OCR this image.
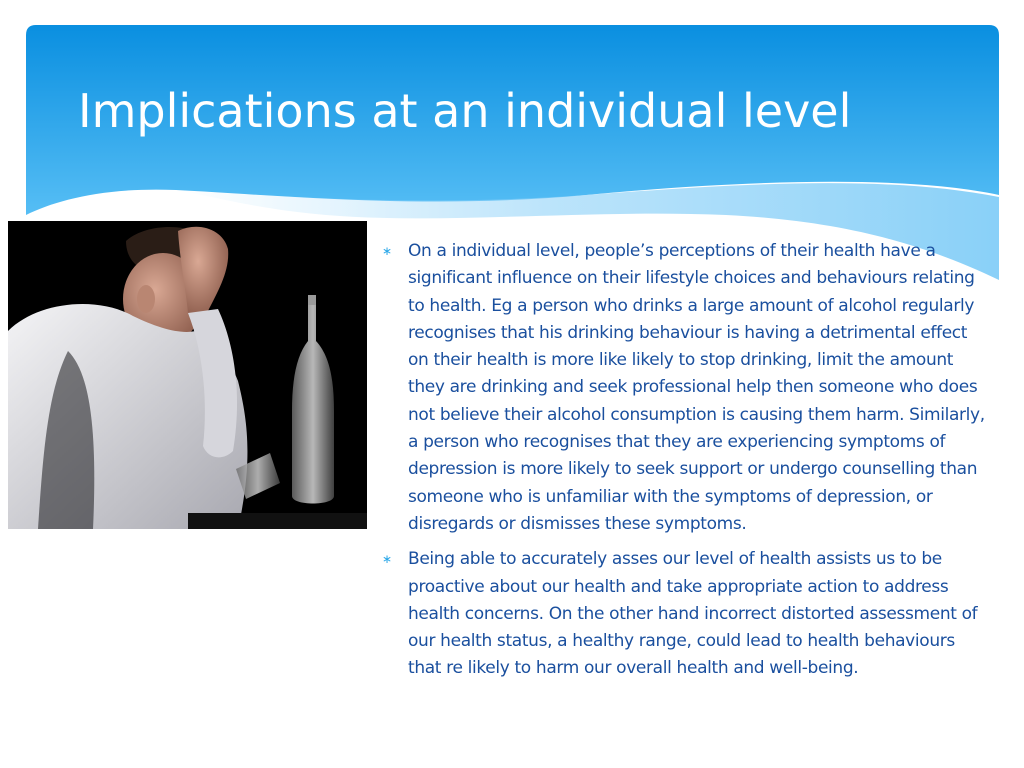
Implications at an individual level
∗ On a individual level, people’s perceptions of their health have a significant influence on their lifestyle choices and behaviours relating to health. Eg a person who drinks a large amount of alcohol regularly recognises that his drinking behaviour is having a detrimental effect on their health is more like likely to stop drinking, limit the amount they are drinking and seek professional help then someone who does not believe their alcohol consumption is causing them harm. Similarly, a person who recognises that they are experiencing symptoms of depression is more likely to seek support or undergo counselling than someone who is unfamiliar with the symptoms of depression, or disregards or dismisses these symptoms.
∗ Being able to accurately asses our level of health assists us to be proactive about our health and take appropriate action to address health concerns. On the other hand incorrect distorted assessment of our health status, a healthy range, could lead to health behaviours that re likely to harm our overall health and well-being.
